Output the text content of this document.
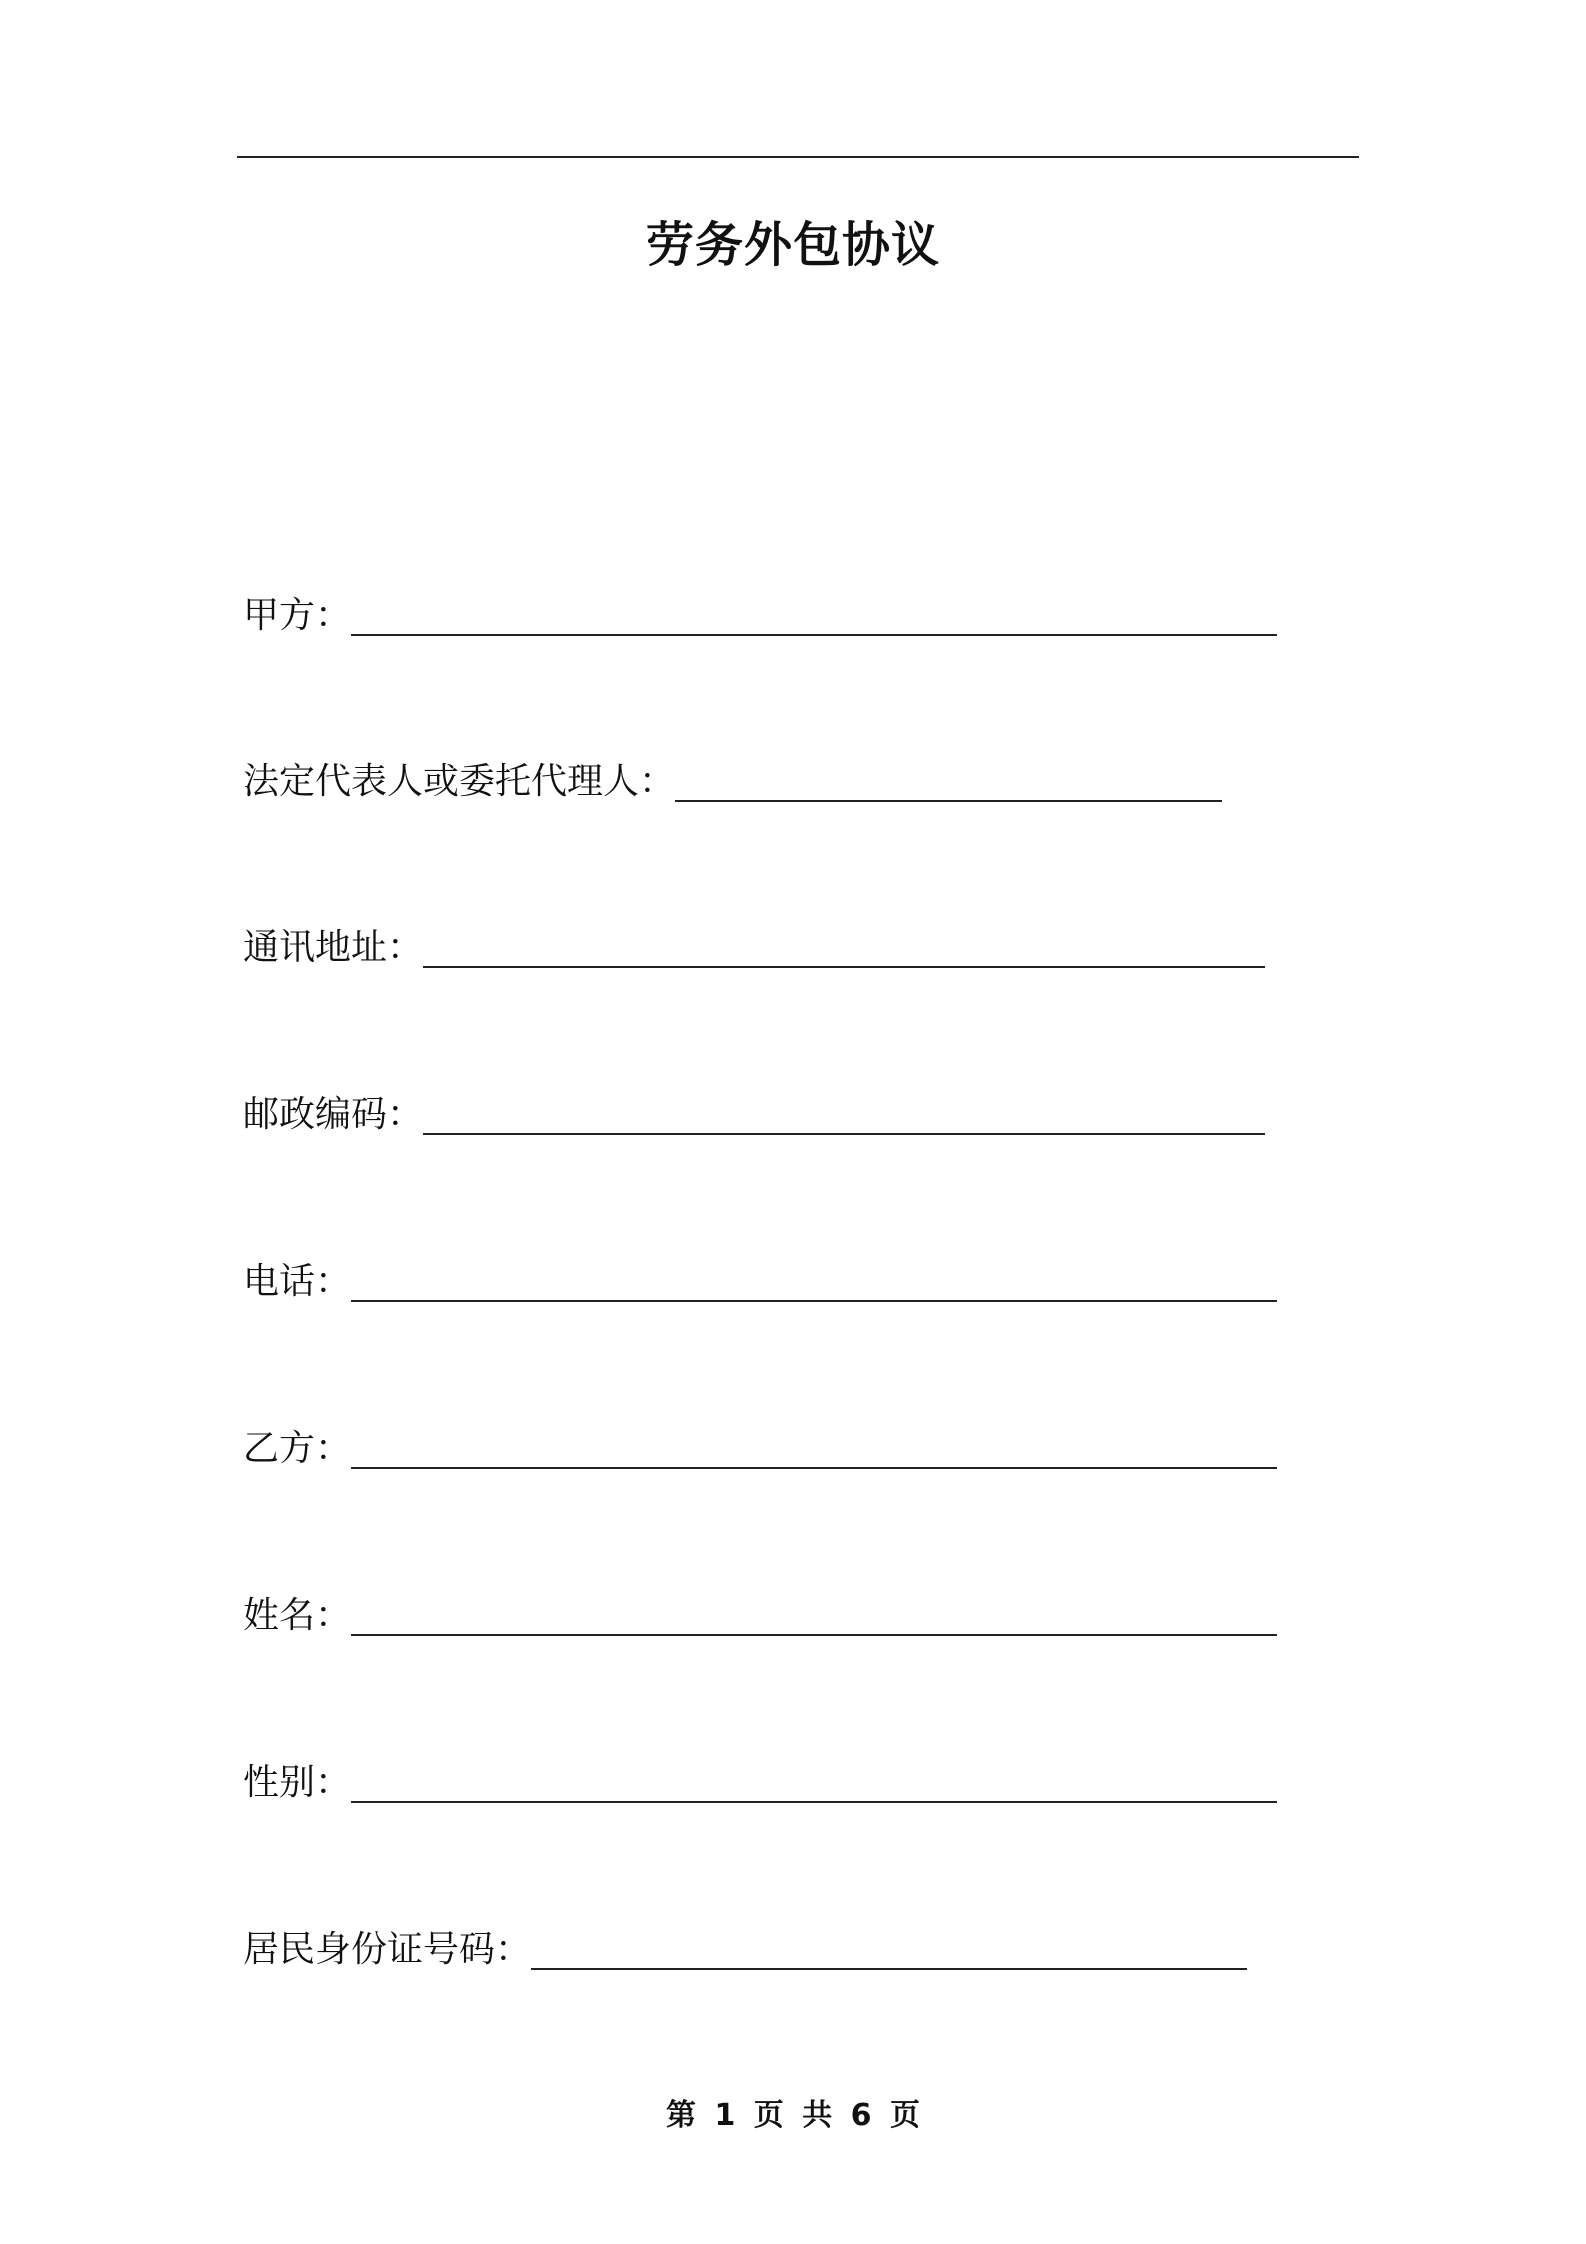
劳务外包协议
甲方：
法定代表人或委托代理人：
通讯地址：
邮政编码：
电话：
乙方：
姓名：
性别：
居民身份证号码：
第 1 页 共 6 页
